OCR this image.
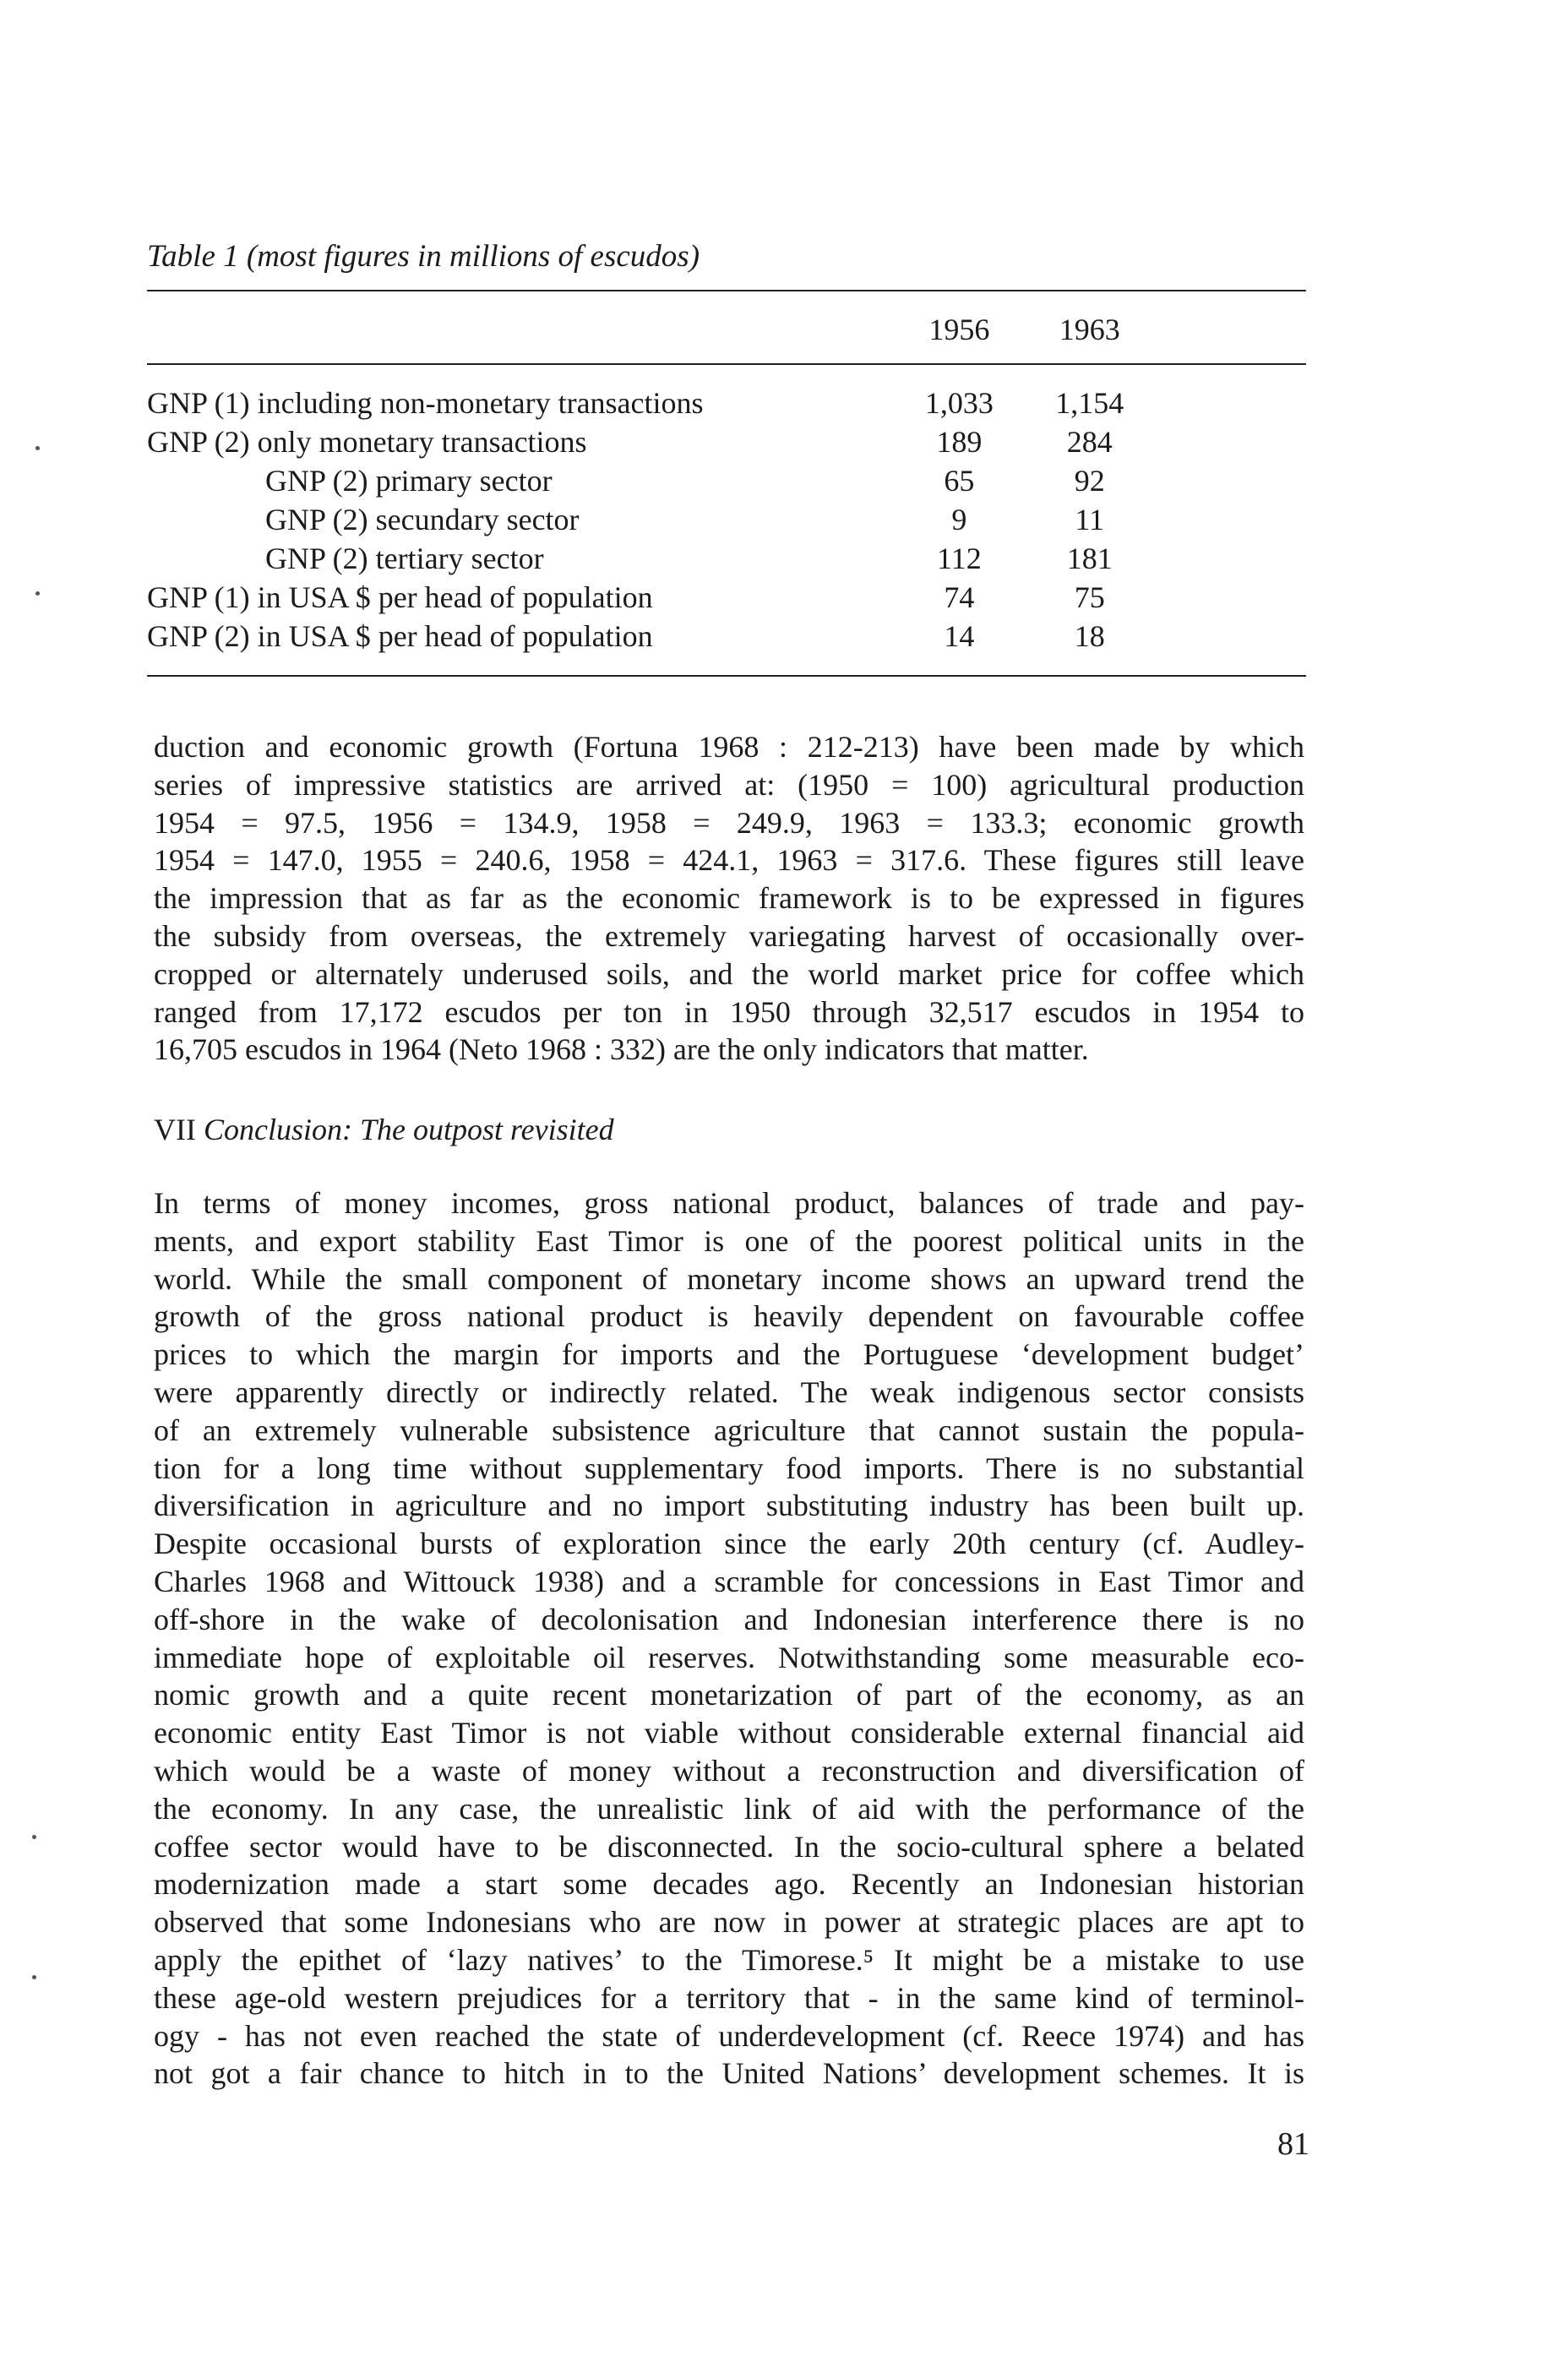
Table 1 (most figures in millions of escudos)
	1956	1963	

GNP (1) including non-monetary transactions	1,033	1,154	
GNP (2) only monetary transactions	189	284	
GNP (2) primary sector	65	92	
GNP (2) secundary sector	9	11	
GNP (2) tertiary sector	112	181	
GNP (1) in USA $ per head of population	74	75	
GNP (2) in USA $ per head of population	14	18	
duction and economic growth (Fortuna 1968 : 212-213) have been made by which
series of impressive statistics are arrived at: (1950 = 100) agricultural production
1954 = 97.5, 1956 = 134.9, 1958 = 249.9, 1963 = 133.3; economic growth
1954 = 147.0, 1955 = 240.6, 1958 = 424.1, 1963 = 317.6. These figures still leave
the impression that as far as the economic framework is to be expressed in figures
the subsidy from overseas, the extremely variegating harvest of occasionally over-
cropped or alternately underused soils, and the world market price for coffee which
ranged from 17,172 escudos per ton in 1950 through 32,517 escudos in 1954 to
16,705 escudos in 1964 (Neto 1968 : 332) are the only indicators that matter.
VII Conclusion: The outpost revisited
In terms of money incomes, gross national product, balances of trade and pay-
ments, and export stability East Timor is one of the poorest political units in the
world. While the small component of monetary income shows an upward trend the
growth of the gross national product is heavily dependent on favourable coffee
prices to which the margin for imports and the Portuguese ‘development budget’
were apparently directly or indirectly related. The weak indigenous sector consists
of an extremely vulnerable subsistence agriculture that cannot sustain the popula-
tion for a long time without supplementary food imports. There is no substantial
diversification in agriculture and no import substituting industry has been built up.
Despite occasional bursts of exploration since the early 20th century (cf. Audley-
Charles 1968 and Wittouck 1938) and a scramble for concessions in East Timor and
off-shore in the wake of decolonisation and Indonesian interference there is no
immediate hope of exploitable oil reserves. Notwithstanding some measurable eco-
nomic growth and a quite recent monetarization of part of the economy, as an
economic entity East Timor is not viable without considerable external financial aid
which would be a waste of money without a reconstruction and diversification of
the economy. In any case, the unrealistic link of aid with the performance of the
coffee sector would have to be disconnected. In the socio-cultural sphere a belated
modernization made a start some decades ago. Recently an Indonesian historian
observed that some Indonesians who are now in power at strategic places are apt to
apply the epithet of ‘lazy natives’ to the Timorese.⁵ It might be a mistake to use
these age-old western prejudices for a territory that - in the same kind of terminol-
ogy - has not even reached the state of underdevelopment (cf. Reece 1974) and has
not got a fair chance to hitch in to the United Nations’ development schemes. It is
81
